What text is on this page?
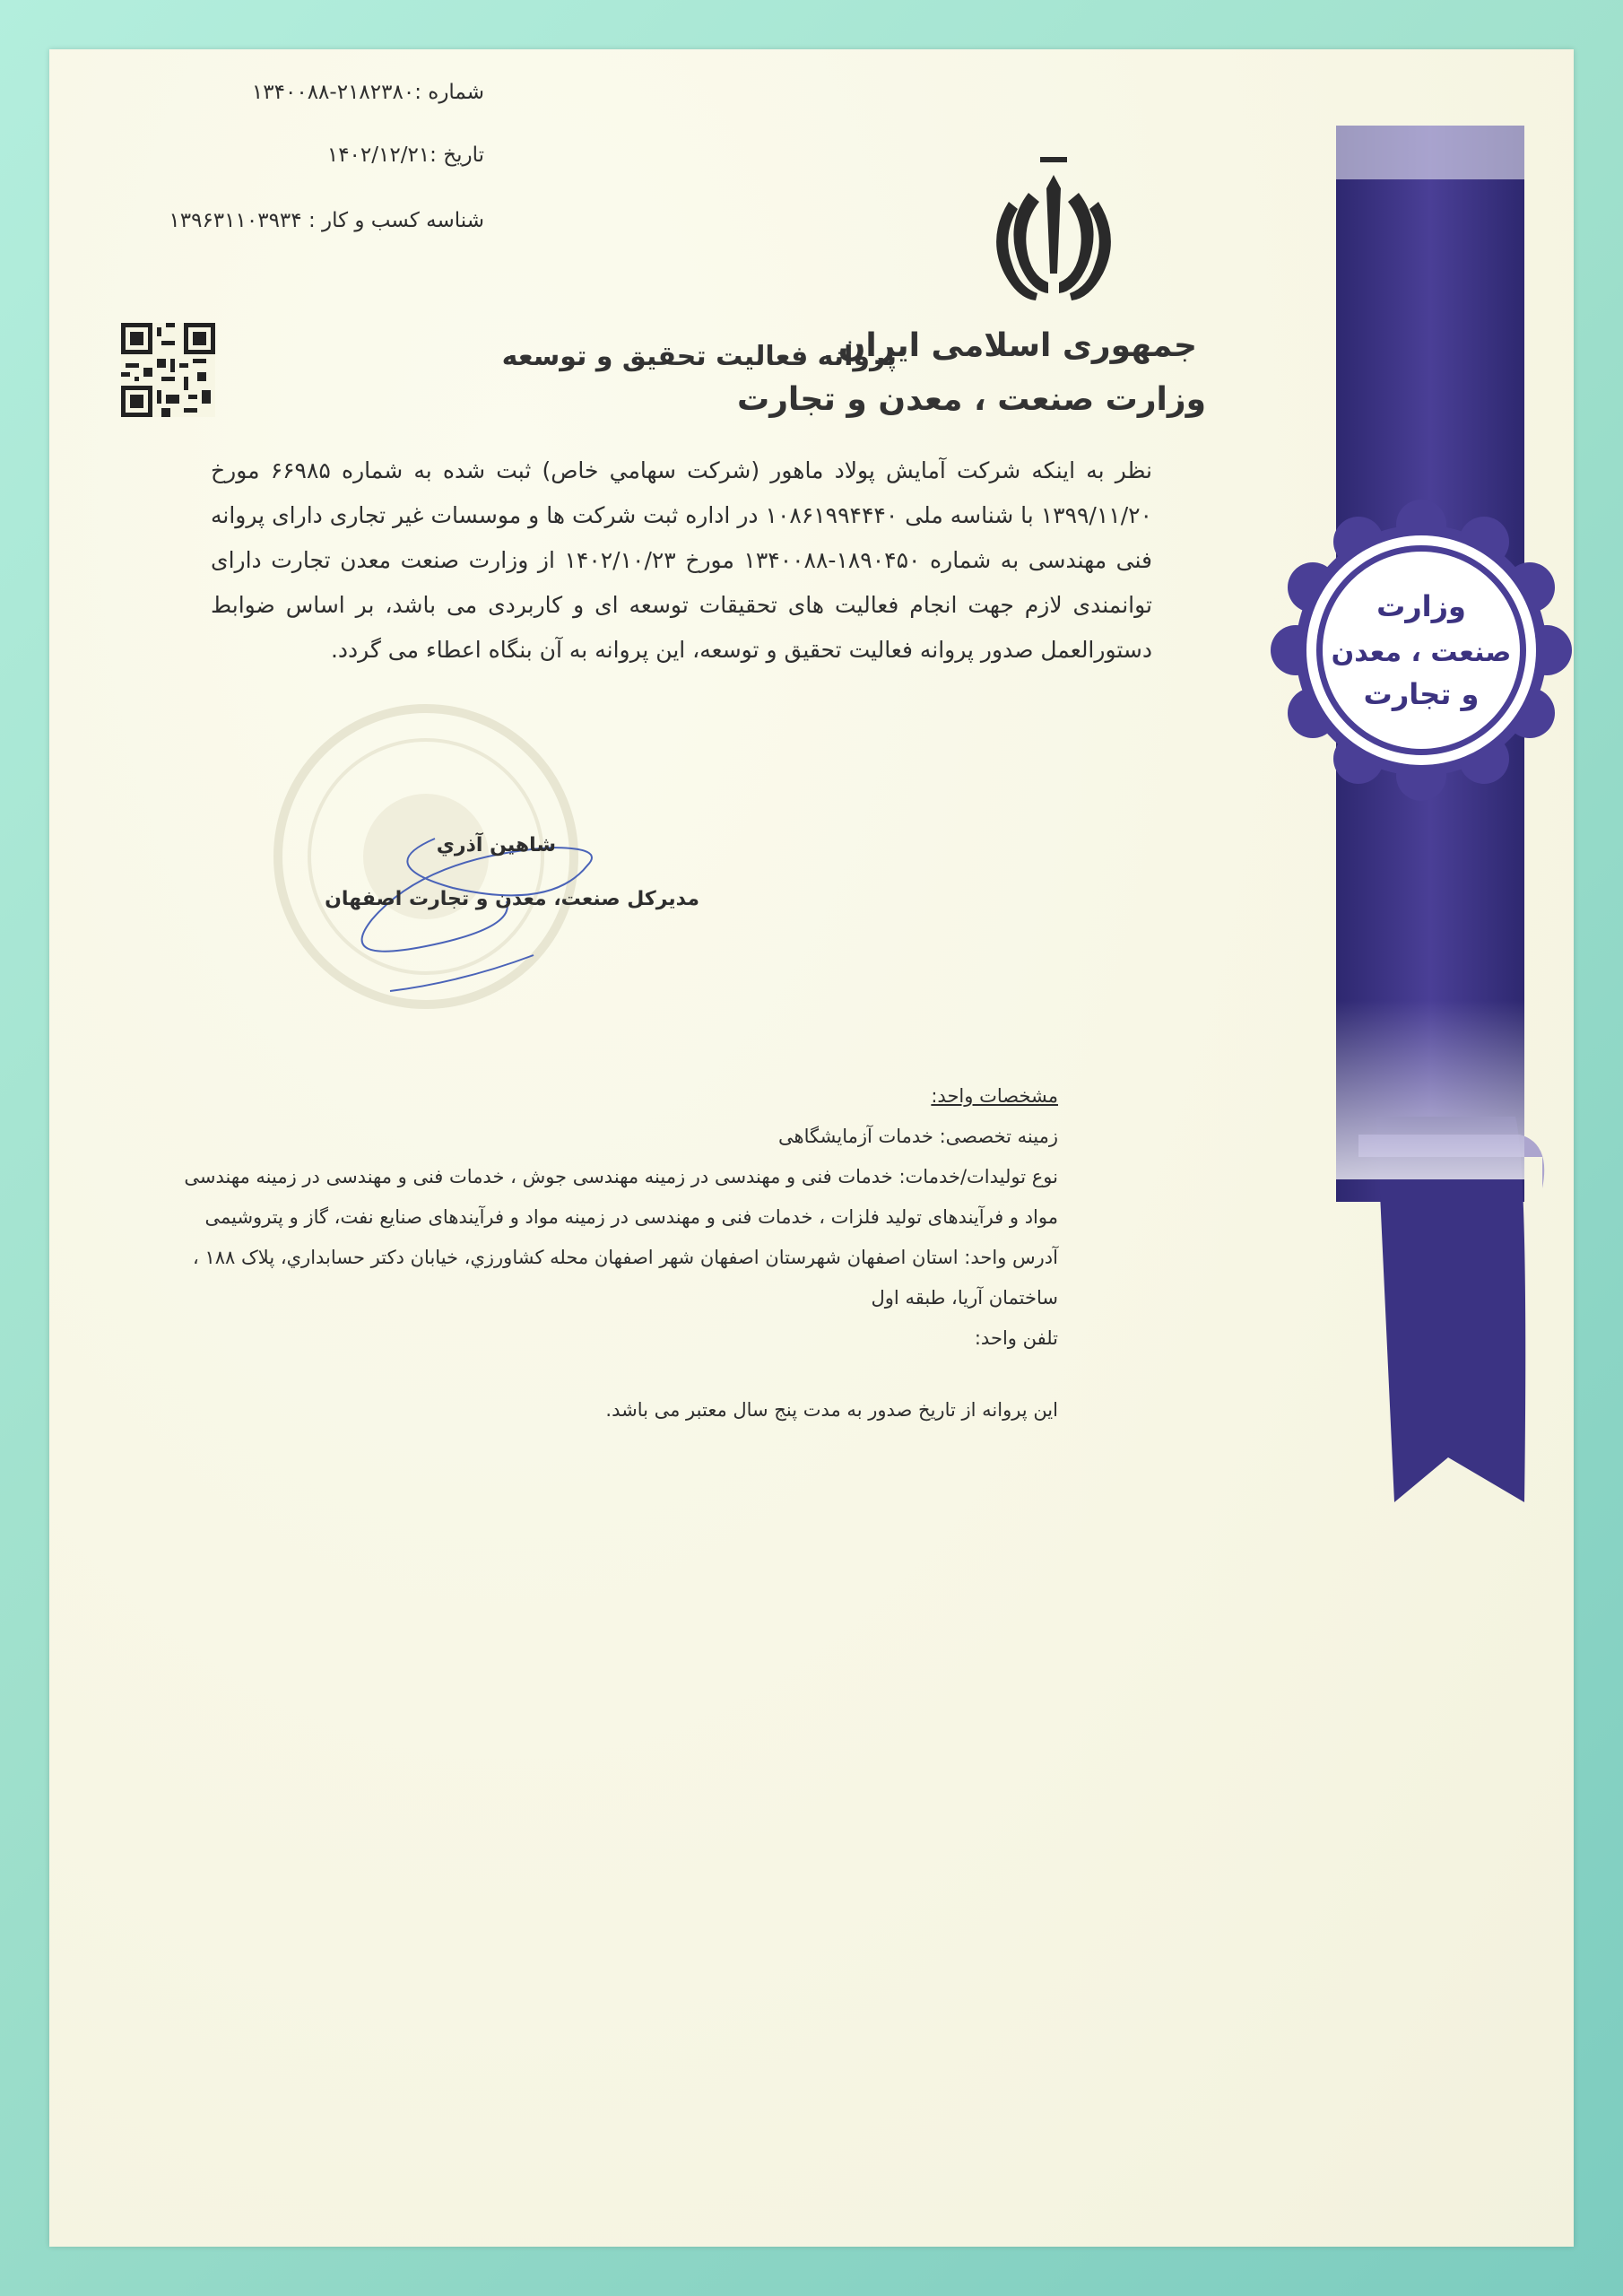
وزارت
صنعت ، معدن
و تجارت
شماره :۲۱۸۲۳۸۰-۱۳۴۰۰۸۸
تاریخ :۱۴۰۲/۱۲/۲۱
شناسه کسب و کار : ۱۳۹۶۳۱۱۰۳۹۳۴
جمهوری اسلامی ایران
وزارت صنعت ، معدن و تجارت
پروانه فعالیت تحقیق و توسعه
نظر به اینکه شرکت آمایش پولاد ماهور (شرکت سهامي خاص) ثبت شده به شماره ۶۶۹۸۵ مورخ ۱۳۹۹/۱۱/۲۰ با شناسه ملی ۱۰۸۶۱۹۹۴۴۴۰ در اداره ثبت شرکت ها و موسسات غیر تجاری دارای پروانه فنی مهندسی به شماره ۱۸۹۰۴۵۰-۱۳۴۰۰۸۸ مورخ ۱۴۰۲/۱۰/۲۳ از وزارت صنعت معدن تجارت دارای توانمندی لازم جهت انجام فعالیت های تحقیقات توسعه ای و کاربردی می باشد، بر اساس ضوابط دستورالعمل صدور پروانه فعالیت تحقیق و توسعه، این پروانه به آن بنگاه اعطاء می گردد.
شاهین آذري
مدیرکل صنعت، معدن و تجارت اصفهان
مشخصات واحد:
زمینه تخصصی: خدمات آزمایشگاهی
نوع تولیدات/خدمات: خدمات فنی و مهندسی در زمینه مهندسی جوش ، خدمات فنی و مهندسی در زمینه مهندسی
مواد و فرآیندهای تولید فلزات ، خدمات فنی و مهندسی در زمینه مواد و فرآیندهای صنایع نفت، گاز و پتروشیمی
آدرس واحد: استان اصفهان شهرستان اصفهان شهر اصفهان محله کشاورزي، خیابان دکتر حسابداري، پلاک ۱۸۸ ،
ساختمان آریا، طبقه اول
تلفن واحد:
این پروانه از تاریخ صدور به مدت پنج سال معتبر می باشد.
